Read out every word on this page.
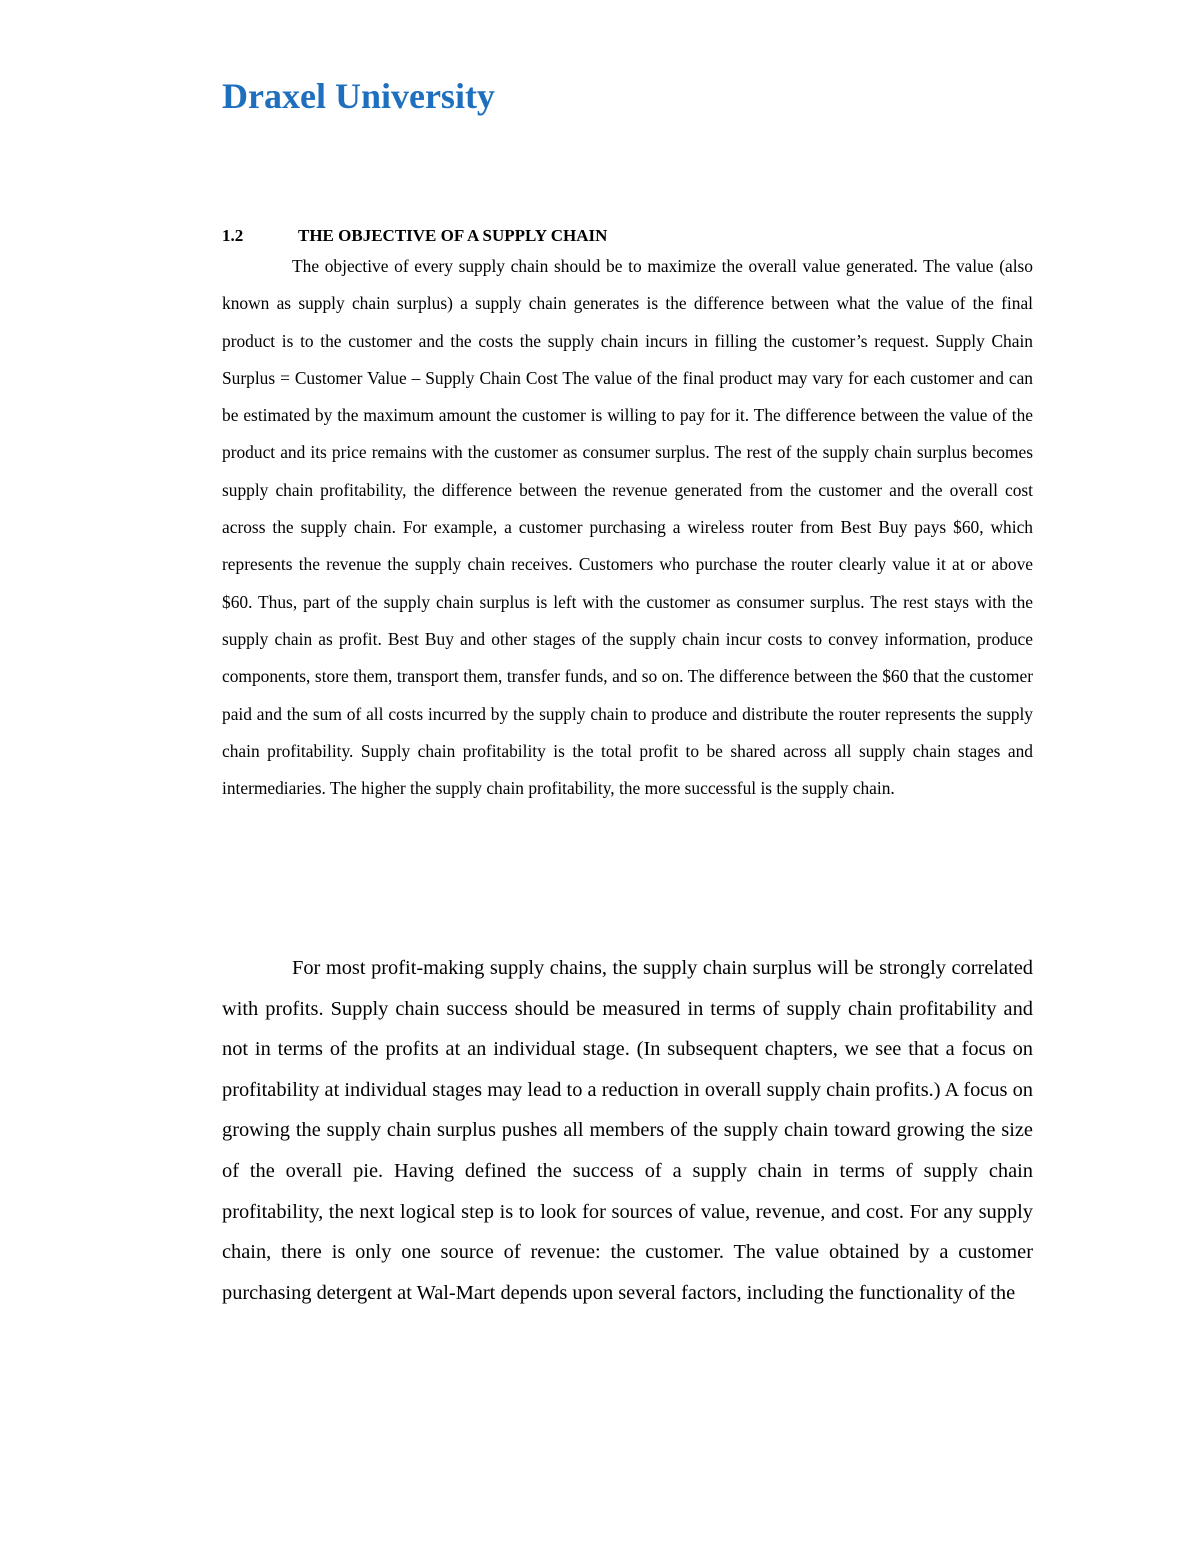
Draxel University
1.2	THE OBJECTIVE OF A SUPPLY CHAIN

The objective of every supply chain should be to maximize the overall value generated. The value (also known as supply chain surplus) a supply chain generates is the difference between what the value of the final product is to the customer and the costs the supply chain incurs in filling the customer’s request. Supply Chain Surplus = Customer Value – Supply Chain Cost The value of the final product may vary for each customer and can be estimated by the maximum amount the customer is willing to pay for it. The difference between the value of the product and its price remains with the customer as consumer surplus. The rest of the supply chain surplus becomes supply chain profitability, the difference between the revenue generated from the customer and the overall cost across the supply chain. For example, a customer purchasing a wireless router from Best Buy pays $60, which represents the revenue the supply chain receives. Customers who purchase the router clearly value it at or above $60. Thus, part of the supply chain surplus is left with the customer as consumer surplus. The rest stays with the supply chain as profit. Best Buy and other stages of the supply chain incur costs to convey information, produce components, store them, transport them, transfer funds, and so on. The difference between the $60 that the customer paid and the sum of all costs incurred by the supply chain to produce and distribute the router represents the supply chain profitability. Supply chain profitability is the total profit to be shared across all supply chain stages and intermediaries. The higher the supply chain profitability, the more successful is the supply chain.

For most profit-making supply chains, the supply chain surplus will be strongly correlated with profits. Supply chain success should be measured in terms of supply chain profitability and not in terms of the profits at an individual stage. (In subsequent chapters, we see that a focus on profitability at individual stages may lead to a reduction in overall supply chain profits.) A focus on growing the supply chain surplus pushes all members of the supply chain toward growing the size of the overall pie. Having defined the success of a supply chain in terms of supply chain profitability, the next logical step is to look for sources of value, revenue, and cost. For any supply chain, there is only one source of revenue: the customer. The value obtained by a customer purchasing detergent at Wal-Mart depends upon several factors, including the functionality of the
